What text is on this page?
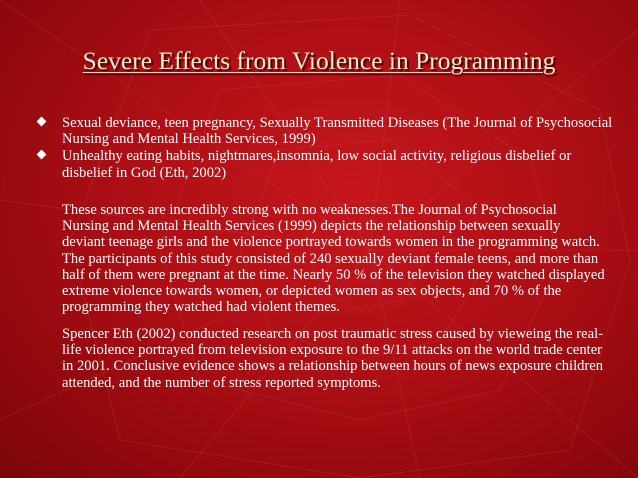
Severe Effects from Violence in Programming
Sexual deviance, teen pregnancy, Sexually Transmitted Diseases (The Journal of Psychosocial Nursing and Mental Health Services, 1999)
Unhealthy eating habits, nightmares,insomnia, low social activity, religious disbelief or disbelief in God (Eth, 2002)

These sources are incredibly strong with no weaknesses.The Journal of Psychosocial Nursing and Mental Health Services (1999) depicts the relationship between sexually deviant teenage girls and the violence portrayed towards women in the programming watch. The participants of this study consisted of 240 sexually deviant female teens, and more than half of them were pregnant at the time. Nearly 50 % of the television they watched displayed extreme violence towards women, or depicted women as sex objects, and 70 % of the programming they watched had violent themes.

Spencer Eth (2002) conducted research on post traumatic stress caused by vieweing the real-life violence portrayed from television exposure to the 9/11 attacks on the world trade center in 2001. Conclusive evidence shows a relationship between hours of news exposure children attended, and the number of stress reported symptoms.
